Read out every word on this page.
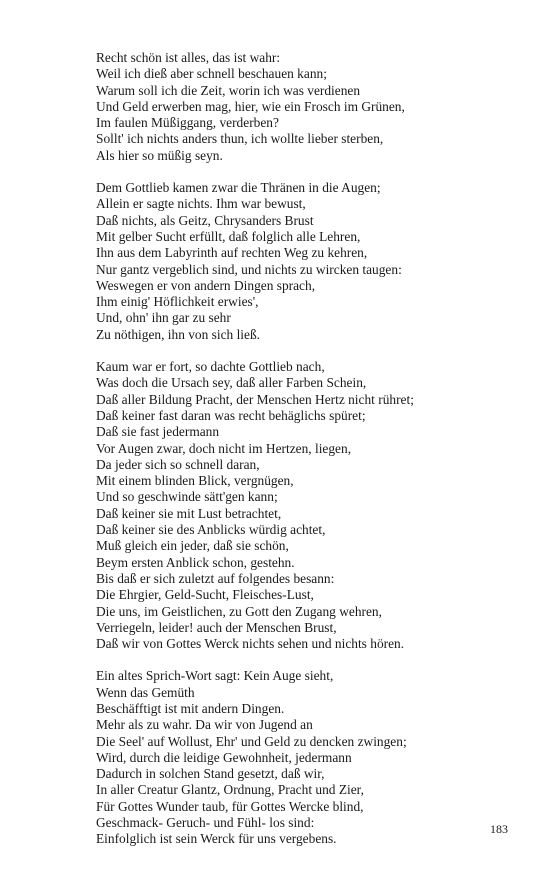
Recht schön ist alles, das ist wahr:
Weil ich dieß aber schnell beschauen kann;
Warum soll ich die Zeit, worin ich was verdienen
Und Geld erwerben mag, hier, wie ein Frosch im Grünen,
Im faulen Müßiggang, verderben?
Sollt' ich nichts anders thun, ich wollte lieber sterben,
Als hier so müßig seyn.
Dem Gottlieb kamen zwar die Thränen in die Augen;
Allein er sagte nichts. Ihm war bewust,
Daß nichts, als Geitz, Chrysanders Brust
Mit gelber Sucht erfüllt, daß folglich alle Lehren,
Ihn aus dem Labyrinth auf rechten Weg zu kehren,
Nur gantz vergeblich sind, und nichts zu wircken taugen:
Weswegen er von andern Dingen sprach,
Ihm einig' Höflichkeit erwies',
Und, ohn' ihn gar zu sehr
Zu nöthigen, ihn von sich ließ.
Kaum war er fort, so dachte Gottlieb nach,
Was doch die Ursach sey, daß aller Farben Schein,
Daß aller Bildung Pracht, der Menschen Hertz nicht rühret;
Daß keiner fast daran was recht behäglichs spüret;
Daß sie fast jedermann
Vor Augen zwar, doch nicht im Hertzen, liegen,
Da jeder sich so schnell daran,
Mit einem blinden Blick, vergnügen,
Und so geschwinde sätt'gen kann;
Daß keiner sie mit Lust betrachtet,
Daß keiner sie des Anblicks würdig achtet,
Muß gleich ein jeder, daß sie schön,
Beym ersten Anblick schon, gestehn.
Bis daß er sich zuletzt auf folgendes besann:
Die Ehrgier, Geld-Sucht, Fleisches-Lust,
Die uns, im Geistlichen, zu Gott den Zugang wehren,
Verriegeln, leider! auch der Menschen Brust,
Daß wir von Gottes Werck nichts sehen und nichts hören.
Ein altes Sprich-Wort sagt: Kein Auge sieht,
Wenn das Gemüth
Beschäfftigt ist mit andern Dingen.
Mehr als zu wahr. Da wir von Jugend an
Die Seel' auf Wollust, Ehr' und Geld zu dencken zwingen;
Wird, durch die leidige Gewohnheit, jedermann
Dadurch in solchen Stand gesetzt, daß wir,
In aller Creatur Glantz, Ordnung, Pracht und Zier,
Für Gottes Wunder taub, für Gottes Wercke blind,
Geschmack- Geruch- und Fühl- los sind:
Einfolglich ist sein Werck für uns vergebens.
183
